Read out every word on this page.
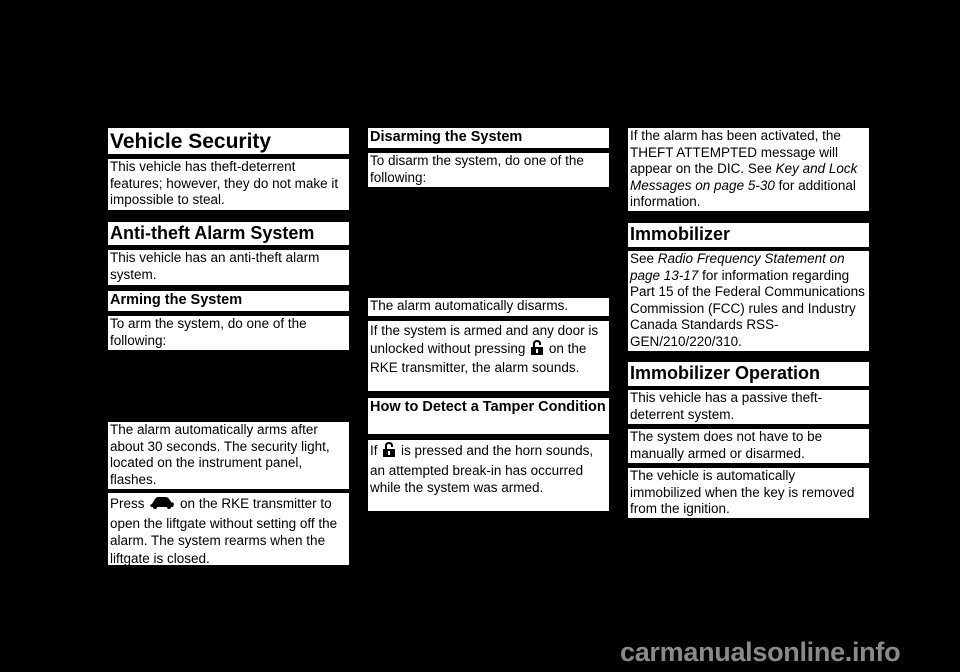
Vehicle Security
This vehicle has theft-deterrent features; however, they do not make it impossible to steal.
Anti-theft Alarm System
This vehicle has an anti-theft alarm system.
Arming the System
To arm the system, do one of the following:
The alarm automatically arms after about 30 seconds. The security light, located on the instrument panel, flashes.
Press	on the RKE transmitter to open the liftgate without setting off the alarm. The system rearms when the liftgate is closed.
Disarming the System
To disarm the system, do one of the following:
The alarm automatically disarms.
If the system is armed and any door is unlocked without pressing on the RKE transmitter, the alarm sounds.
How to Detect a Tamper Condition
If is pressed and the horn sounds, an attempted break-in has occurred while the system was armed.
If the alarm has been activated, the THEFT ATTEMPTED message will appear on the DIC. See Key and Lock Messages on page 5-30 for additional information.
Immobilizer
See Radio Frequency Statement on page 13-17 for information regarding Part 15 of the Federal Communications Commission (FCC) rules and Industry Canada Standards RSS-GEN/210/220/310.
Immobilizer Operation
This vehicle has a passive theft-deterrent system.
The system does not have to be manually armed or disarmed.
The vehicle is automatically immobilized when the key is removed from the ignition.
carmanualsonline.info
